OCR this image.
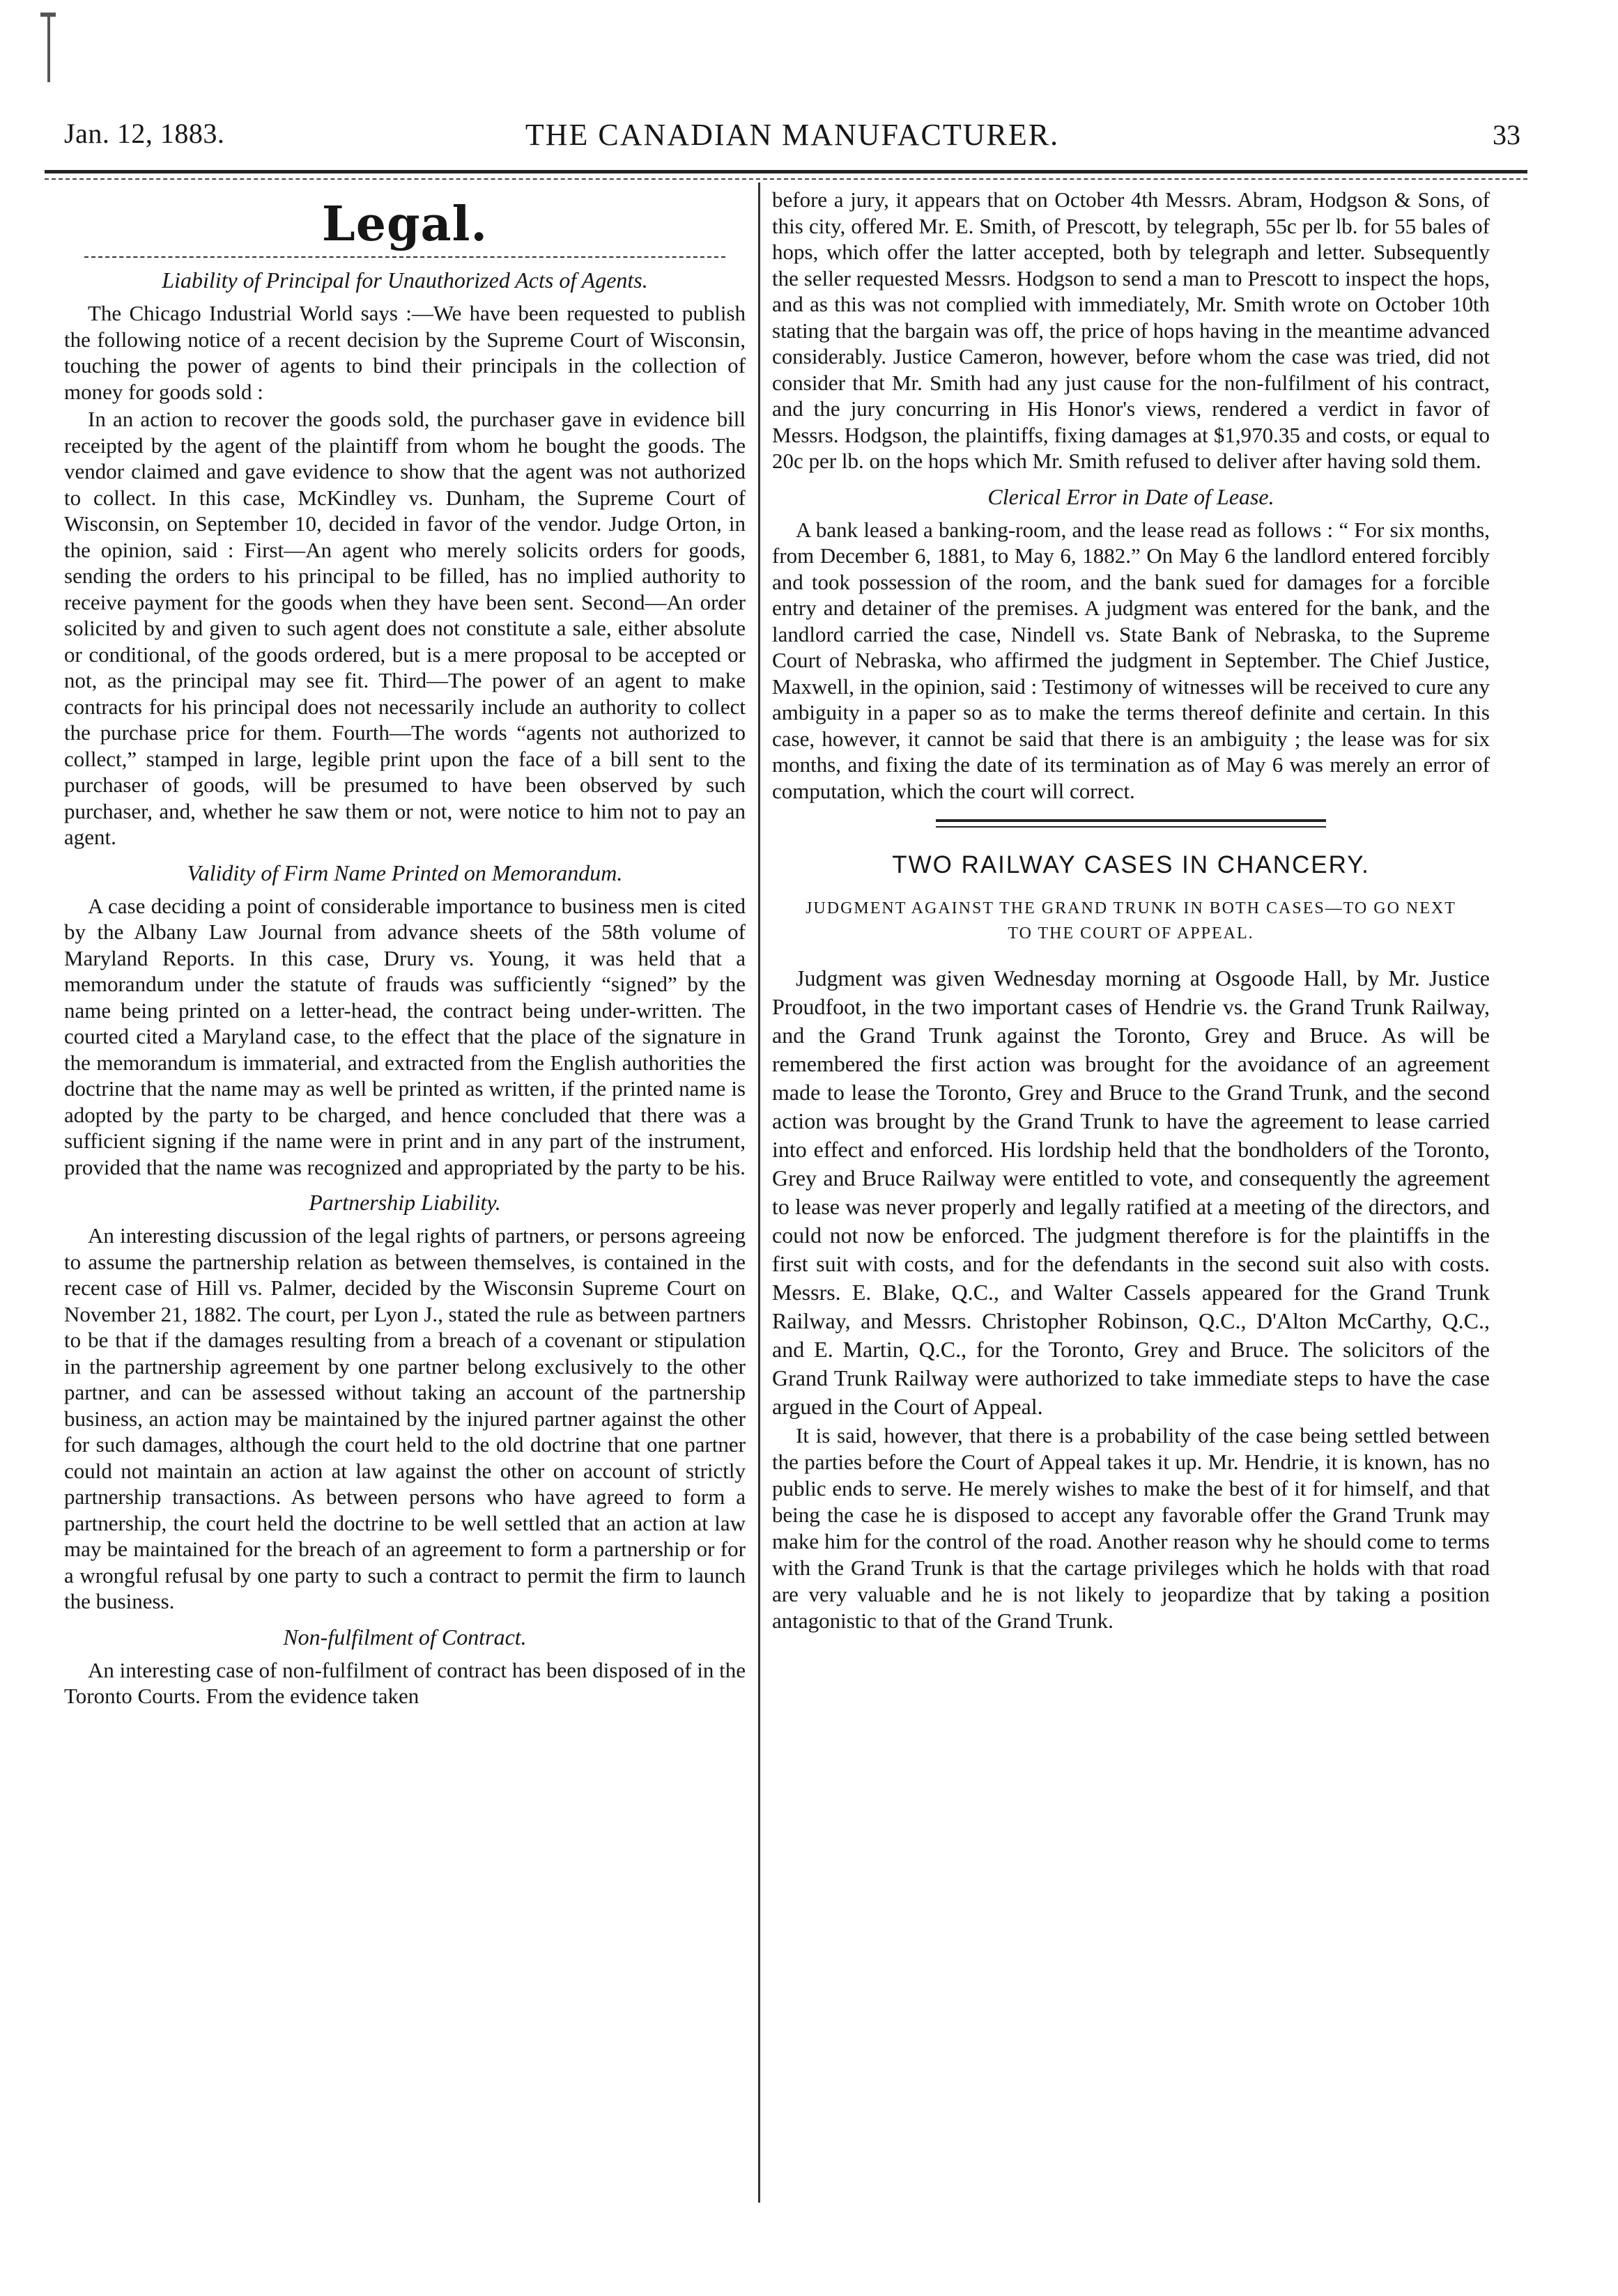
THE CANADIAN MANUFACTURER.
Jan. 12, 1883.	33
Legal.
Liability of Principal for Unauthorized Acts of Agents.

The Chicago Industrial World says :—We have been requested to publish the following notice of a recent decision by the Supreme Court of Wisconsin, touching the power of agents to bind their principals in the collection of money for goods sold :

In an action to recover the goods sold, the purchaser gave in evidence bill receipted by the agent of the plaintiff from whom he bought the goods. The vendor claimed and gave evidence to show that the agent was not authorized to collect. In this case, McKindley vs. Dunham, the Supreme Court of Wisconsin, on September 10, decided in favor of the vendor. Judge Orton, in the opinion, said : First—An agent who merely solicits orders for goods, sending the orders to his principal to be filled, has no implied authority to receive payment for the goods when they have been sent. Second—An order solicited by and given to such agent does not constitute a sale, either absolute or conditional, of the goods ordered, but is a mere proposal to be accepted or not, as the principal may see fit. Third—The power of an agent to make contracts for his principal does not necessarily include an authority to collect the purchase price for them. Fourth—The words “agents not authorized to collect,” stamped in large, legible print upon the face of a bill sent to the purchaser of goods, will be presumed to have been observed by such purchaser, and, whether he saw them or not, were notice to him not to pay an agent.

Validity of Firm Name Printed on Memorandum.

A case deciding a point of considerable importance to business men is cited by the Albany Law Journal from advance sheets of the 58th volume of Maryland Reports. In this case, Drury vs. Young, it was held that a memorandum under the statute of frauds was sufficiently “signed” by the name being printed on a letter-head, the contract being under-written. The courted cited a Maryland case, to the effect that the place of the signature in the memorandum is immaterial, and extracted from the English authorities the doctrine that the name may as well be printed as written, if the printed name is adopted by the party to be charged, and hence concluded that there was a sufficient signing if the name were in print and in any part of the instrument, provided that the name was recognized and appropriated by the party to be his.

Partnership Liability.

An interesting discussion of the legal rights of partners, or persons agreeing to assume the partnership relation as between themselves, is contained in the recent case of Hill vs. Palmer, decided by the Wisconsin Supreme Court on November 21, 1882. The court, per Lyon J., stated the rule as between partners to be that if the damages resulting from a breach of a covenant or stipulation in the partnership agreement by one partner belong exclusively to the other partner, and can be assessed without taking an account of the partnership business, an action may be maintained by the injured partner against the other for such damages, although the court held to the old doctrine that one partner could not maintain an action at law against the other on account of strictly partnership transactions. As between persons who have agreed to form a partnership, the court held the doctrine to be well settled that an action at law may be maintained for the breach of an agreement to form a partnership or for a wrongful refusal by one party to such a contract to permit the firm to launch the business.

Non-fulfilment of Contract.

An interesting case of non-fulfilment of contract has been disposed of in the Toronto Courts. From the evidence taken

before a jury, it appears that on October 4th Messrs. Abram, Hodgson & Sons, of this city, offered Mr. E. Smith, of Prescott, by telegraph, 55c per lb. for 55 bales of hops, which offer the latter accepted, both by telegraph and letter. Subsequently the seller requested Messrs. Hodgson to send a man to Prescott to inspect the hops, and as this was not complied with immediately, Mr. Smith wrote on October 10th stating that the bargain was off, the price of hops having in the meantime advanced considerably. Justice Cameron, however, before whom the case was tried, did not consider that Mr. Smith had any just cause for the non-fulfilment of his contract, and the jury concurring in His Honor's views, rendered a verdict in favor of Messrs. Hodgson, the plaintiffs, fixing damages at $1,970.35 and costs, or equal to 20c per lb. on the hops which Mr. Smith refused to deliver after having sold them.

Clerical Error in Date of Lease.

A bank leased a banking-room, and the lease read as follows : “ For six months, from December 6, 1881, to May 6, 1882.” On May 6 the landlord entered forcibly and took possession of the room, and the bank sued for damages for a forcible entry and detainer of the premises. A judgment was entered for the bank, and the landlord carried the case, Nindell vs. State Bank of Nebraska, to the Supreme Court of Nebraska, who affirmed the judgment in September. The Chief Justice, Maxwell, in the opinion, said : Testimony of witnesses will be received to cure any ambiguity in a paper so as to make the terms thereof definite and certain. In this case, however, it cannot be said that there is an ambiguity ; the lease was for six months, and fixing the date of its termination as of May 6 was merely an error of computation, which the court will correct.

TWO RAILWAY CASES IN CHANCERY.
JUDGMENT AGAINST THE GRAND TRUNK IN BOTH CASES—TO GO NEXT TO THE COURT OF APPEAL.

Judgment was given Wednesday morning at Osgoode Hall, by Mr. Justice Proudfoot, in the two important cases of Hendrie vs. the Grand Trunk Railway, and the Grand Trunk against the Toronto, Grey and Bruce. As will be remembered the first action was brought for the avoidance of an agreement made to lease the Toronto, Grey and Bruce to the Grand Trunk, and the second action was brought by the Grand Trunk to have the agreement to lease carried into effect and enforced. His lordship held that the bondholders of the Toronto, Grey and Bruce Railway were entitled to vote, and consequently the agreement to lease was never properly and legally ratified at a meeting of the directors, and could not now be enforced. The judgment therefore is for the plaintiffs in the first suit with costs, and for the defendants in the second suit also with costs. Messrs. E. Blake, Q.C., and Walter Cassels appeared for the Grand Trunk Railway, and Messrs. Christopher Robinson, Q.C., D'Alton McCarthy, Q.C., and E. Martin, Q.C., for the Toronto, Grey and Bruce. The solicitors of the Grand Trunk Railway were authorized to take immediate steps to have the case argued in the Court of Appeal.

It is said, however, that there is a probability of the case being settled between the parties before the Court of Appeal takes it up. Mr. Hendrie, it is known, has no public ends to serve. He merely wishes to make the best of it for himself, and that being the case he is disposed to accept any favorable offer the Grand Trunk may make him for the control of the road. Another reason why he should come to terms with the Grand Trunk is that the cartage privileges which he holds with that road are very valuable and he is not likely to jeopardize that by taking a position antagonistic to that of the Grand Trunk.
